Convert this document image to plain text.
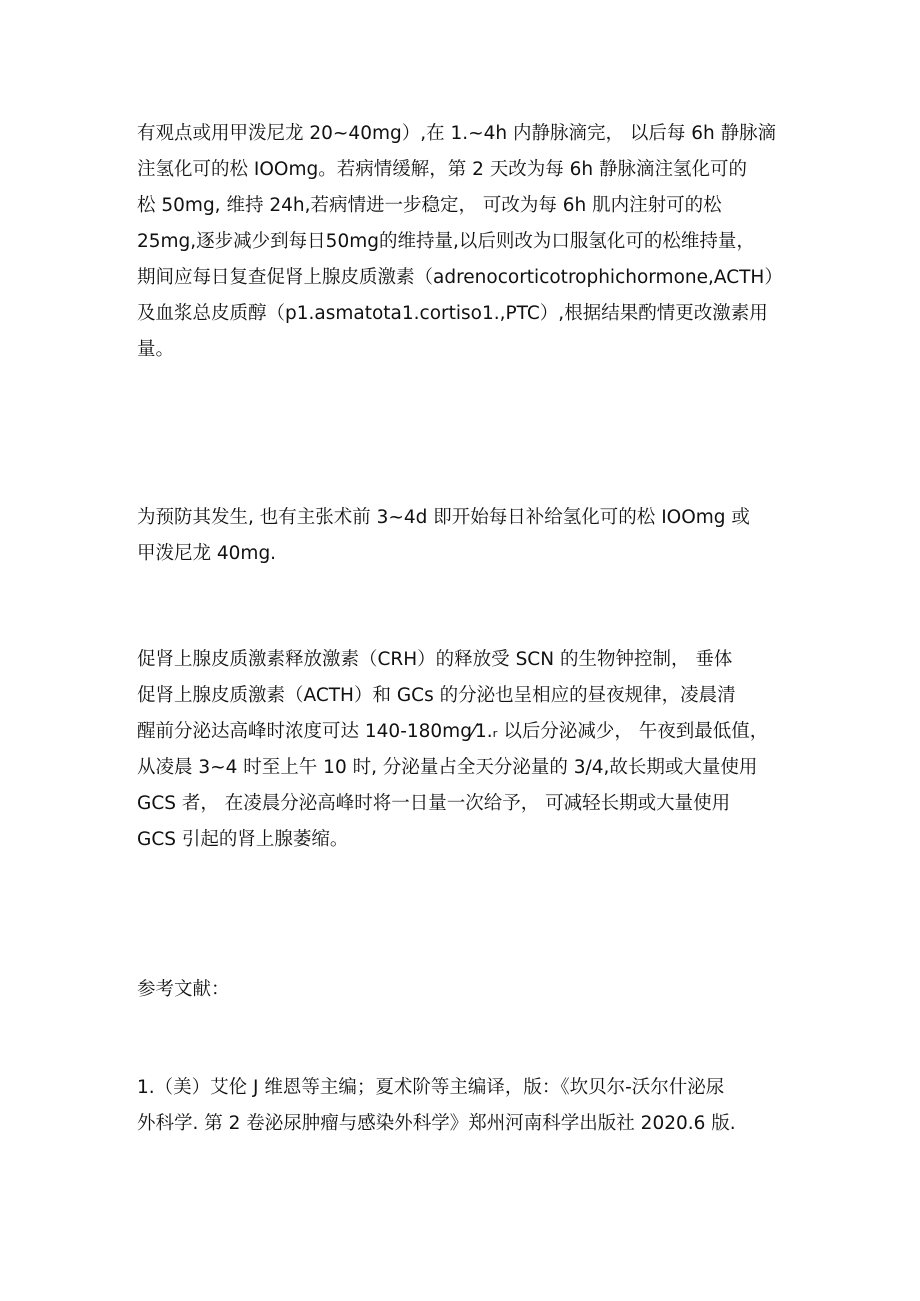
有观点或用甲泼尼龙 20~40mg）,在 1.~4h 内静脉滴完， 以后每 6h 静脉滴
注氢化可的松 IOOmg。若病情缓解，第 2 天改为每 6h 静脉滴注氢化可的
松 50mg, 维持 24h,若病情进一步稳定， 可改为每 6h 肌内注射可的松
25mg,逐步减少到每日50mg的维持量,以后则改为口服氢化可的松维持量，
期间应每日复查促肾上腺皮质激素（adrenocorticotrophichormone,ACTH）
及血浆总皮质醇（p1.asmatota1.cortiso1.,PTC）,根据结果酌情更改激素用
量。
为预防其发生, 也有主张术前 3~4d 即开始每日补给氢化可的松 IOOmg 或
甲泼尼龙 40mg.
促肾上腺皮质激素释放激素（CRH）的释放受 SCN 的生物钟控制， 垂体
促肾上腺皮质激素（ACTH）和 GCs 的分泌也呈相应的昼夜规律，凌晨清
醒前分泌达高峰时浓度可达 140-180mg⁄1.ᵣ 以后分泌减少， 午夜到最低值，
从凌晨 3~4 时至上午 10 时, 分泌量占全天分泌量的 3/4,故长期或大量使用
GCS 者， 在凌晨分泌高峰时将一日量一次给予， 可减轻长期或大量使用
GCS 引起的肾上腺萎缩。
参考文献：
1.（美）艾伦 J 维恩等主编；夏术阶等主编译，版：《坎贝尔-沃尔什泌尿
外科学. 第 2 卷泌尿肿瘤与感染外科学》郑州河南科学出版社 2020.6 版.
